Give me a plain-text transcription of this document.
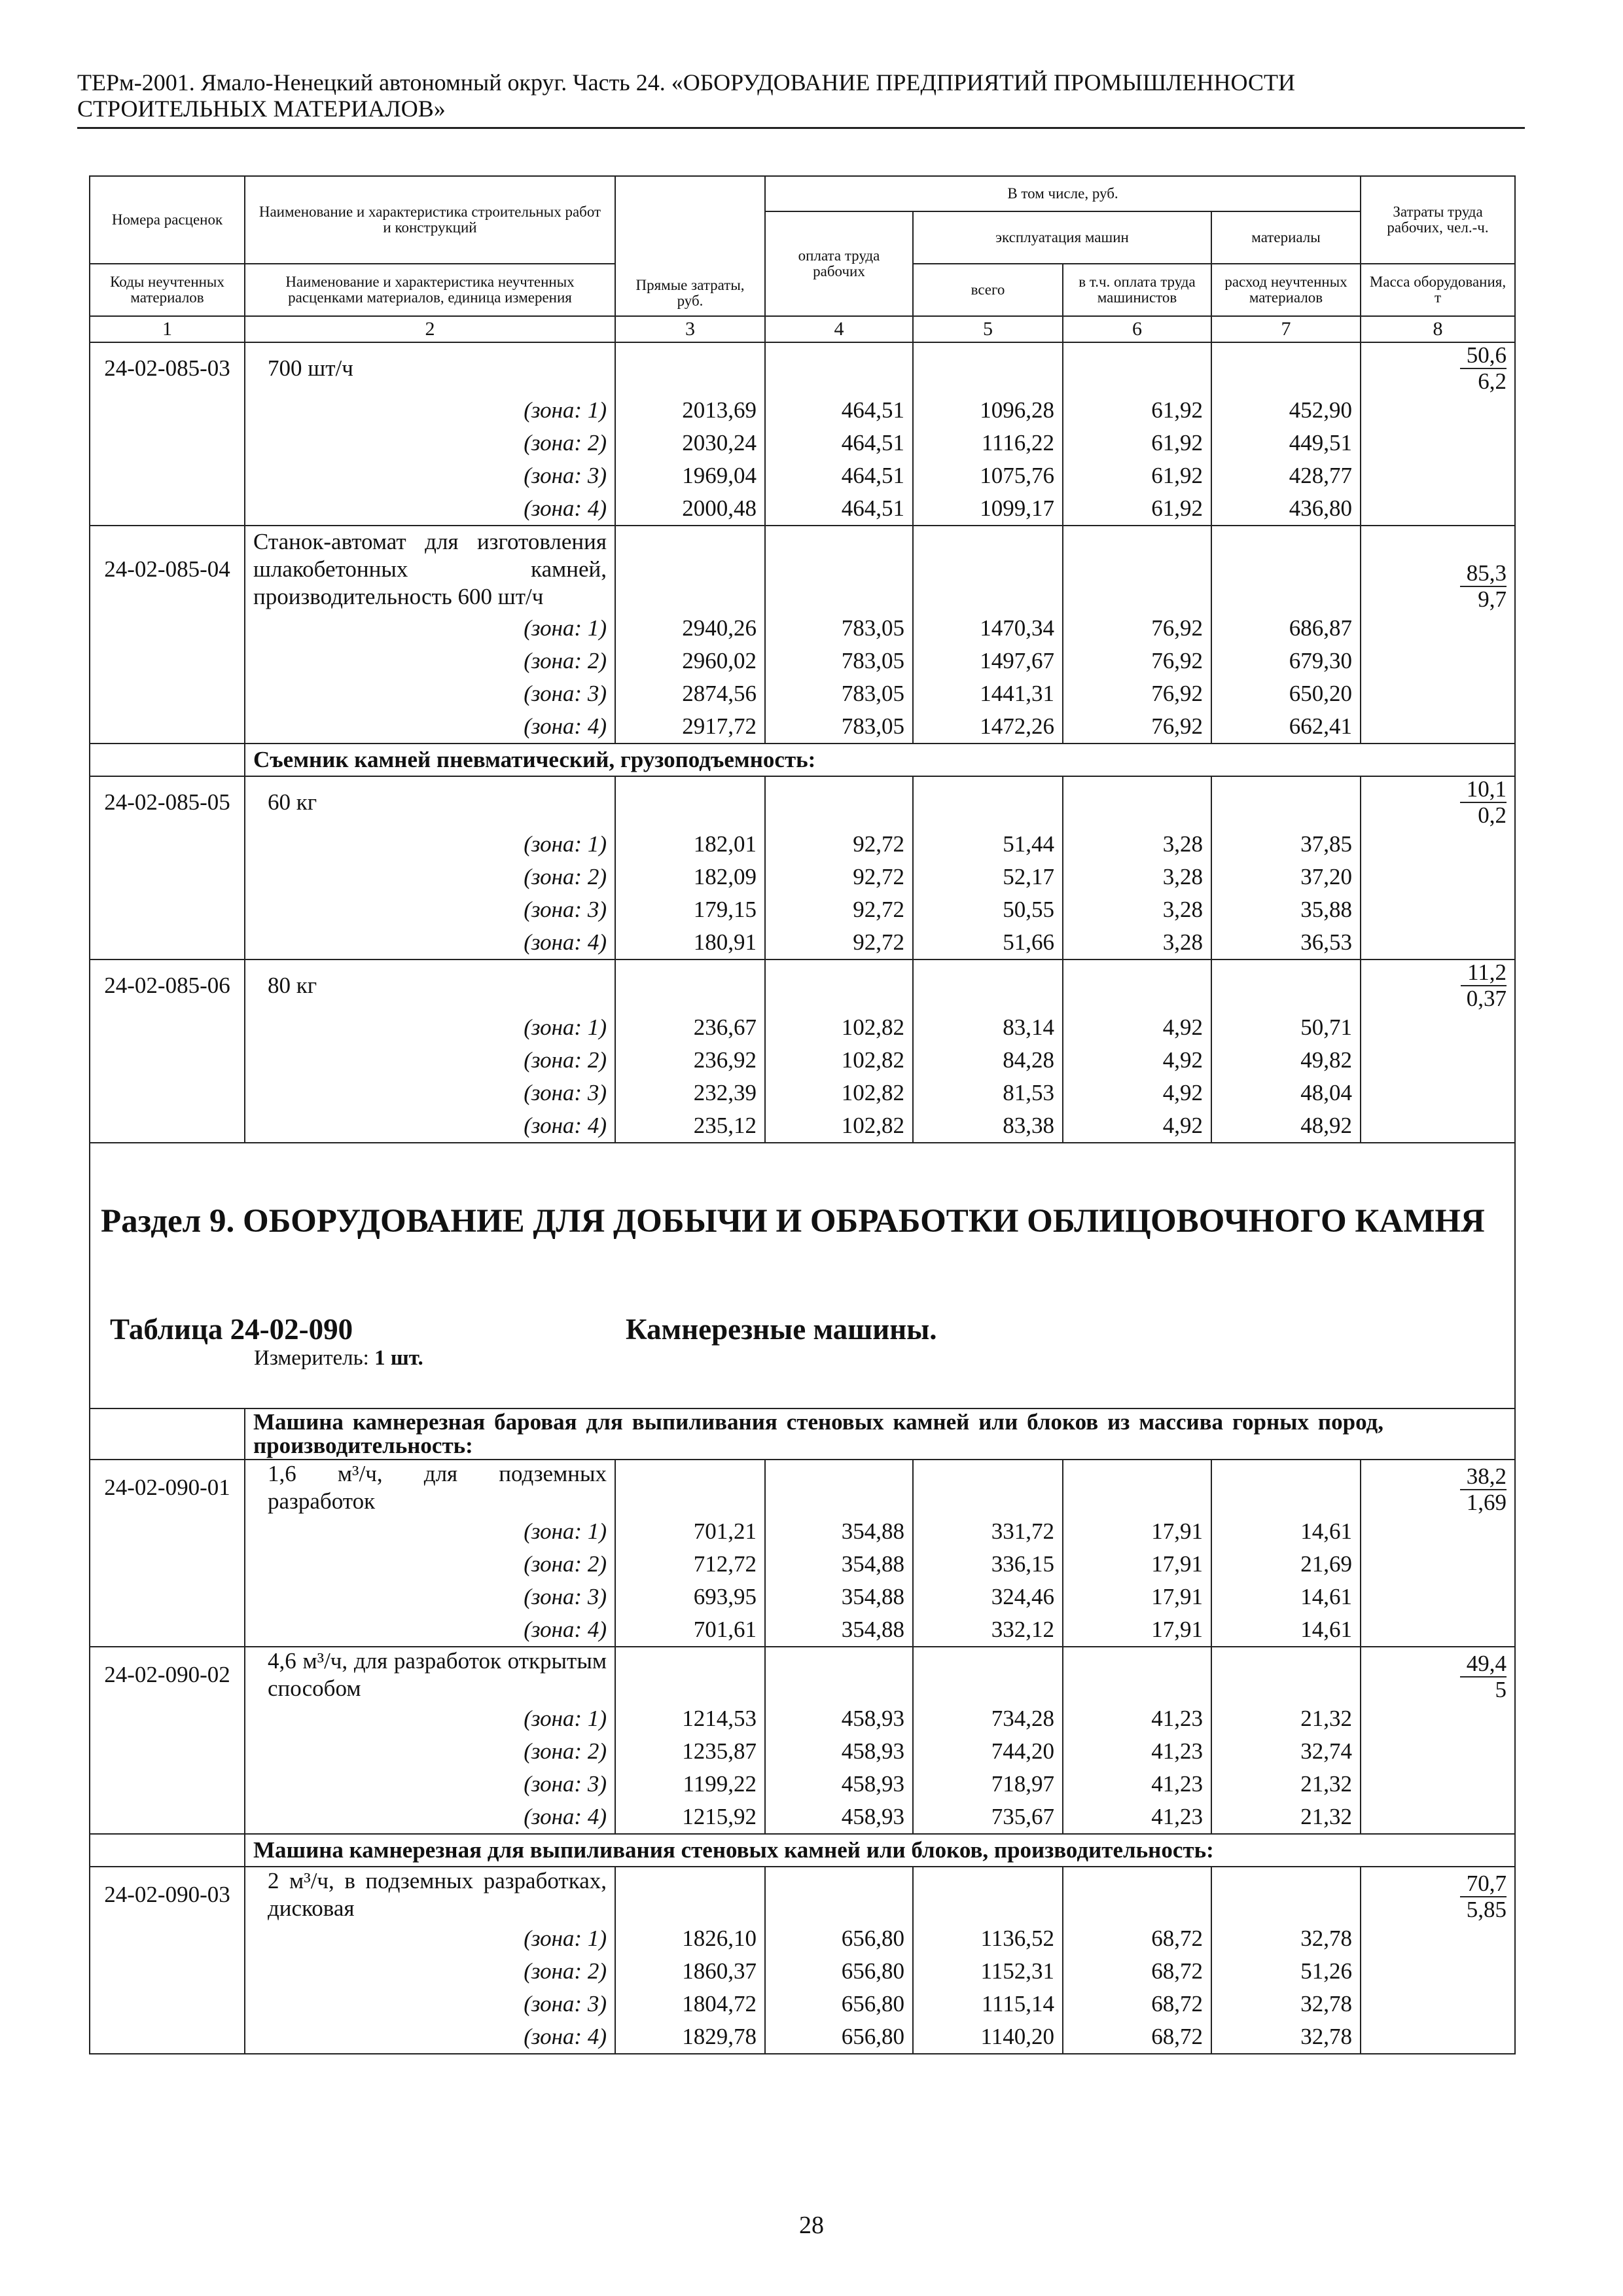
ТЕРм-2001. Ямало-Ненецкий автономный округ. Часть 24. «ОБОРУДОВАНИЕ ПРЕДПРИЯТИЙ ПРОМЫШЛЕННОСТИ
СТРОИТЕЛЬНЫХ МАТЕРИАЛОВ»
Номера расценок	Наименование и характеристика строительных работ и конструкций	Прямые затраты, руб.	В том числе, руб.				Затраты труда рабочих, чел.-ч.
			оплата труда рабочих	эксплуатация машин		материалы	
Коды неучтенных материалов	Наименование и характеристика неучтенных расценками материалов, единица измерения			всего	в т.ч. оплата труда машинистов	расход неучтенных материалов	Масса оборудования, т
1	2	3	4	5	6	7	8
24-02-085-03	700 шт/ч						$\frac{50,6}{6,2}$

	(зона: 1)	2013,69	464,51	1096,28	61,92	452,90	
	(зона: 2)	2030,24	464,51	1116,22	61,92	449,51	
	(зона: 3)	1969,04	464,51	1075,76	61,92	428,77	
	(зона: 4)	2000,48	464,51	1099,17	61,92	436,80	
24-02-085-04	Станок-автомат для изготовления шлакобетонных камней, производительность 600 шт/ч						$\frac{85,3}{9,7}$

	(зона: 1)	2940,26	783,05	1470,34	76,92	686,87	
	(зона: 2)	2960,02	783,05	1497,67	76,92	679,30	
	(зона: 3)	2874,56	783,05	1441,31	76,92	650,20	
	(зона: 4)	2917,72	783,05	1472,26	76,92	662,41	
	Съемник камней пневматический, грузоподъемность:						
24-02-085-05	60 кг						$\frac{10,1}{0,2}$

	(зона: 1)	182,01	92,72	51,44	3,28	37,85	
	(зона: 2)	182,09	92,72	52,17	3,28	37,20	
	(зона: 3)	179,15	92,72	50,55	3,28	35,88	
	(зона: 4)	180,91	92,72	51,66	3,28	36,53	
24-02-085-06	80 кг						$\frac{11,2}{0,37}$

	(зона: 1)	236,67	102,82	83,14	4,92	50,71	
	(зона: 2)	236,92	102,82	84,28	4,92	49,82	
	(зона: 3)	232,39	102,82	81,53	4,92	48,04	
	(зона: 4)	235,12	102,82	83,38	4,92	48,92	

Раздел 9. ОБОРУДОВАНИЕ ДЛЯ ДОБЫЧИ И ОБРАБОТКИ ОБЛИЦОВОЧНОГО КАМНЯ
Таблица 24-02-090 Камнерезные машины.
Измеритель: 1 шт.							

	Машина камнерезная баровая для выпиливания стеновых камней или блоков из массива горных пород, производительность:						
24-02-090-01	1,6 м³/ч, для подземных разработок						$\frac{38,2}{1,69}$

	(зона: 1)	701,21	354,88	331,72	17,91	14,61	
	(зона: 2)	712,72	354,88	336,15	17,91	21,69	
	(зона: 3)	693,95	354,88	324,46	17,91	14,61	
	(зона: 4)	701,61	354,88	332,12	17,91	14,61	
24-02-090-02	4,6 м³/ч, для разработок открытым способом						$\frac{49,4}{5}$

	(зона: 1)	1214,53	458,93	734,28	41,23	21,32	
	(зона: 2)	1235,87	458,93	744,20	41,23	32,74	
	(зона: 3)	1199,22	458,93	718,97	41,23	21,32	
	(зона: 4)	1215,92	458,93	735,67	41,23	21,32	
	Машина камнерезная для выпиливания стеновых камней или блоков, производительность:						
24-02-090-03	2 м³/ч, в подземных разработках, дисковая						$\frac{70,7}{5,85}$

	(зона: 1)	1826,10	656,80	1136,52	68,72	32,78	
	(зона: 2)	1860,37	656,80	1152,31	68,72	51,26	
	(зона: 3)	1804,72	656,80	1115,14	68,72	32,78	
	(зона: 4)	1829,78	656,80	1140,20	68,72	32,78	
28
